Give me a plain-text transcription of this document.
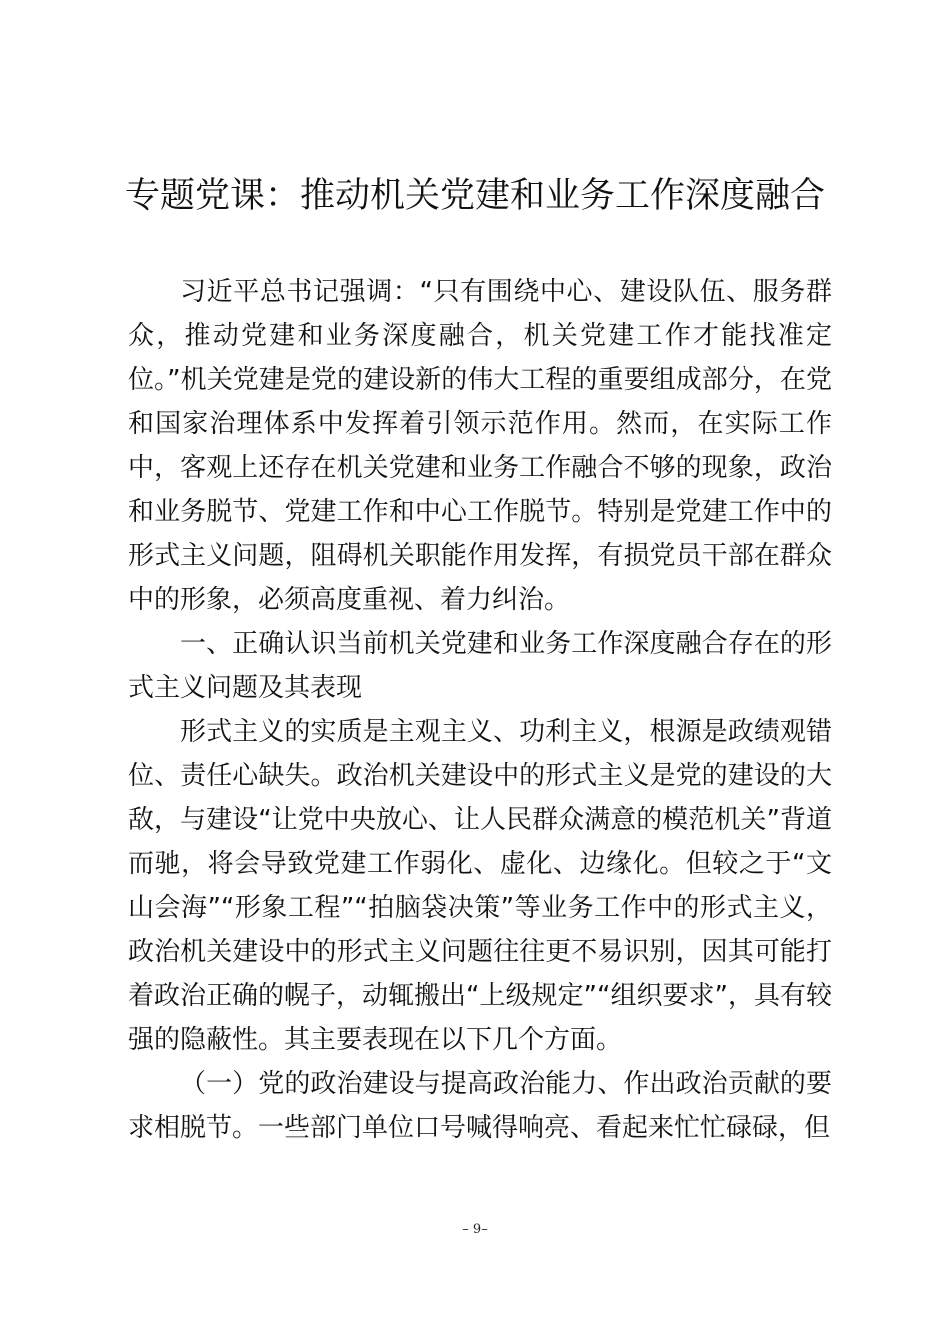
专题党课：推动机关党建和业务工作深度融合

习近平总书记强调：“只有围绕中心、建设队伍、服务群众，推动党建和业务深度融合，机关党建工作才能找准定位。”机关党建是党的建设新的伟大工程的重要组成部分，在党和国家治理体系中发挥着引领示范作用。然而，在实际工作中，客观上还存在机关党建和业务工作融合不够的现象，政治和业务脱节、党建工作和中心工作脱节。特别是党建工作中的形式主义问题，阻碍机关职能作用发挥，有损党员干部在群众中的形象，必须高度重视、着力纠治。

一、正确认识当前机关党建和业务工作深度融合存在的形式主义问题及其表现

形式主义的实质是主观主义、功利主义，根源是政绩观错位、责任心缺失。政治机关建设中的形式主义是党的建设的大敌，与建设“让党中央放心、让人民群众满意的模范机关”背道而驰，将会导致党建工作弱化、虚化、边缘化。但较之于“文山会海”“形象工程”“拍脑袋决策”等业务工作中的形式主义，政治机关建设中的形式主义问题往往更不易识别，因其可能打着政治正确的幌子，动辄搬出“上级规定”“组织要求”，具有较强的隐蔽性。其主要表现在以下几个方面。

（一）党的政治建设与提高政治能力、作出政治贡献的要求相脱节。一些部门单位口号喊得响亮、看起来忙忙碌碌，但

– 9–
